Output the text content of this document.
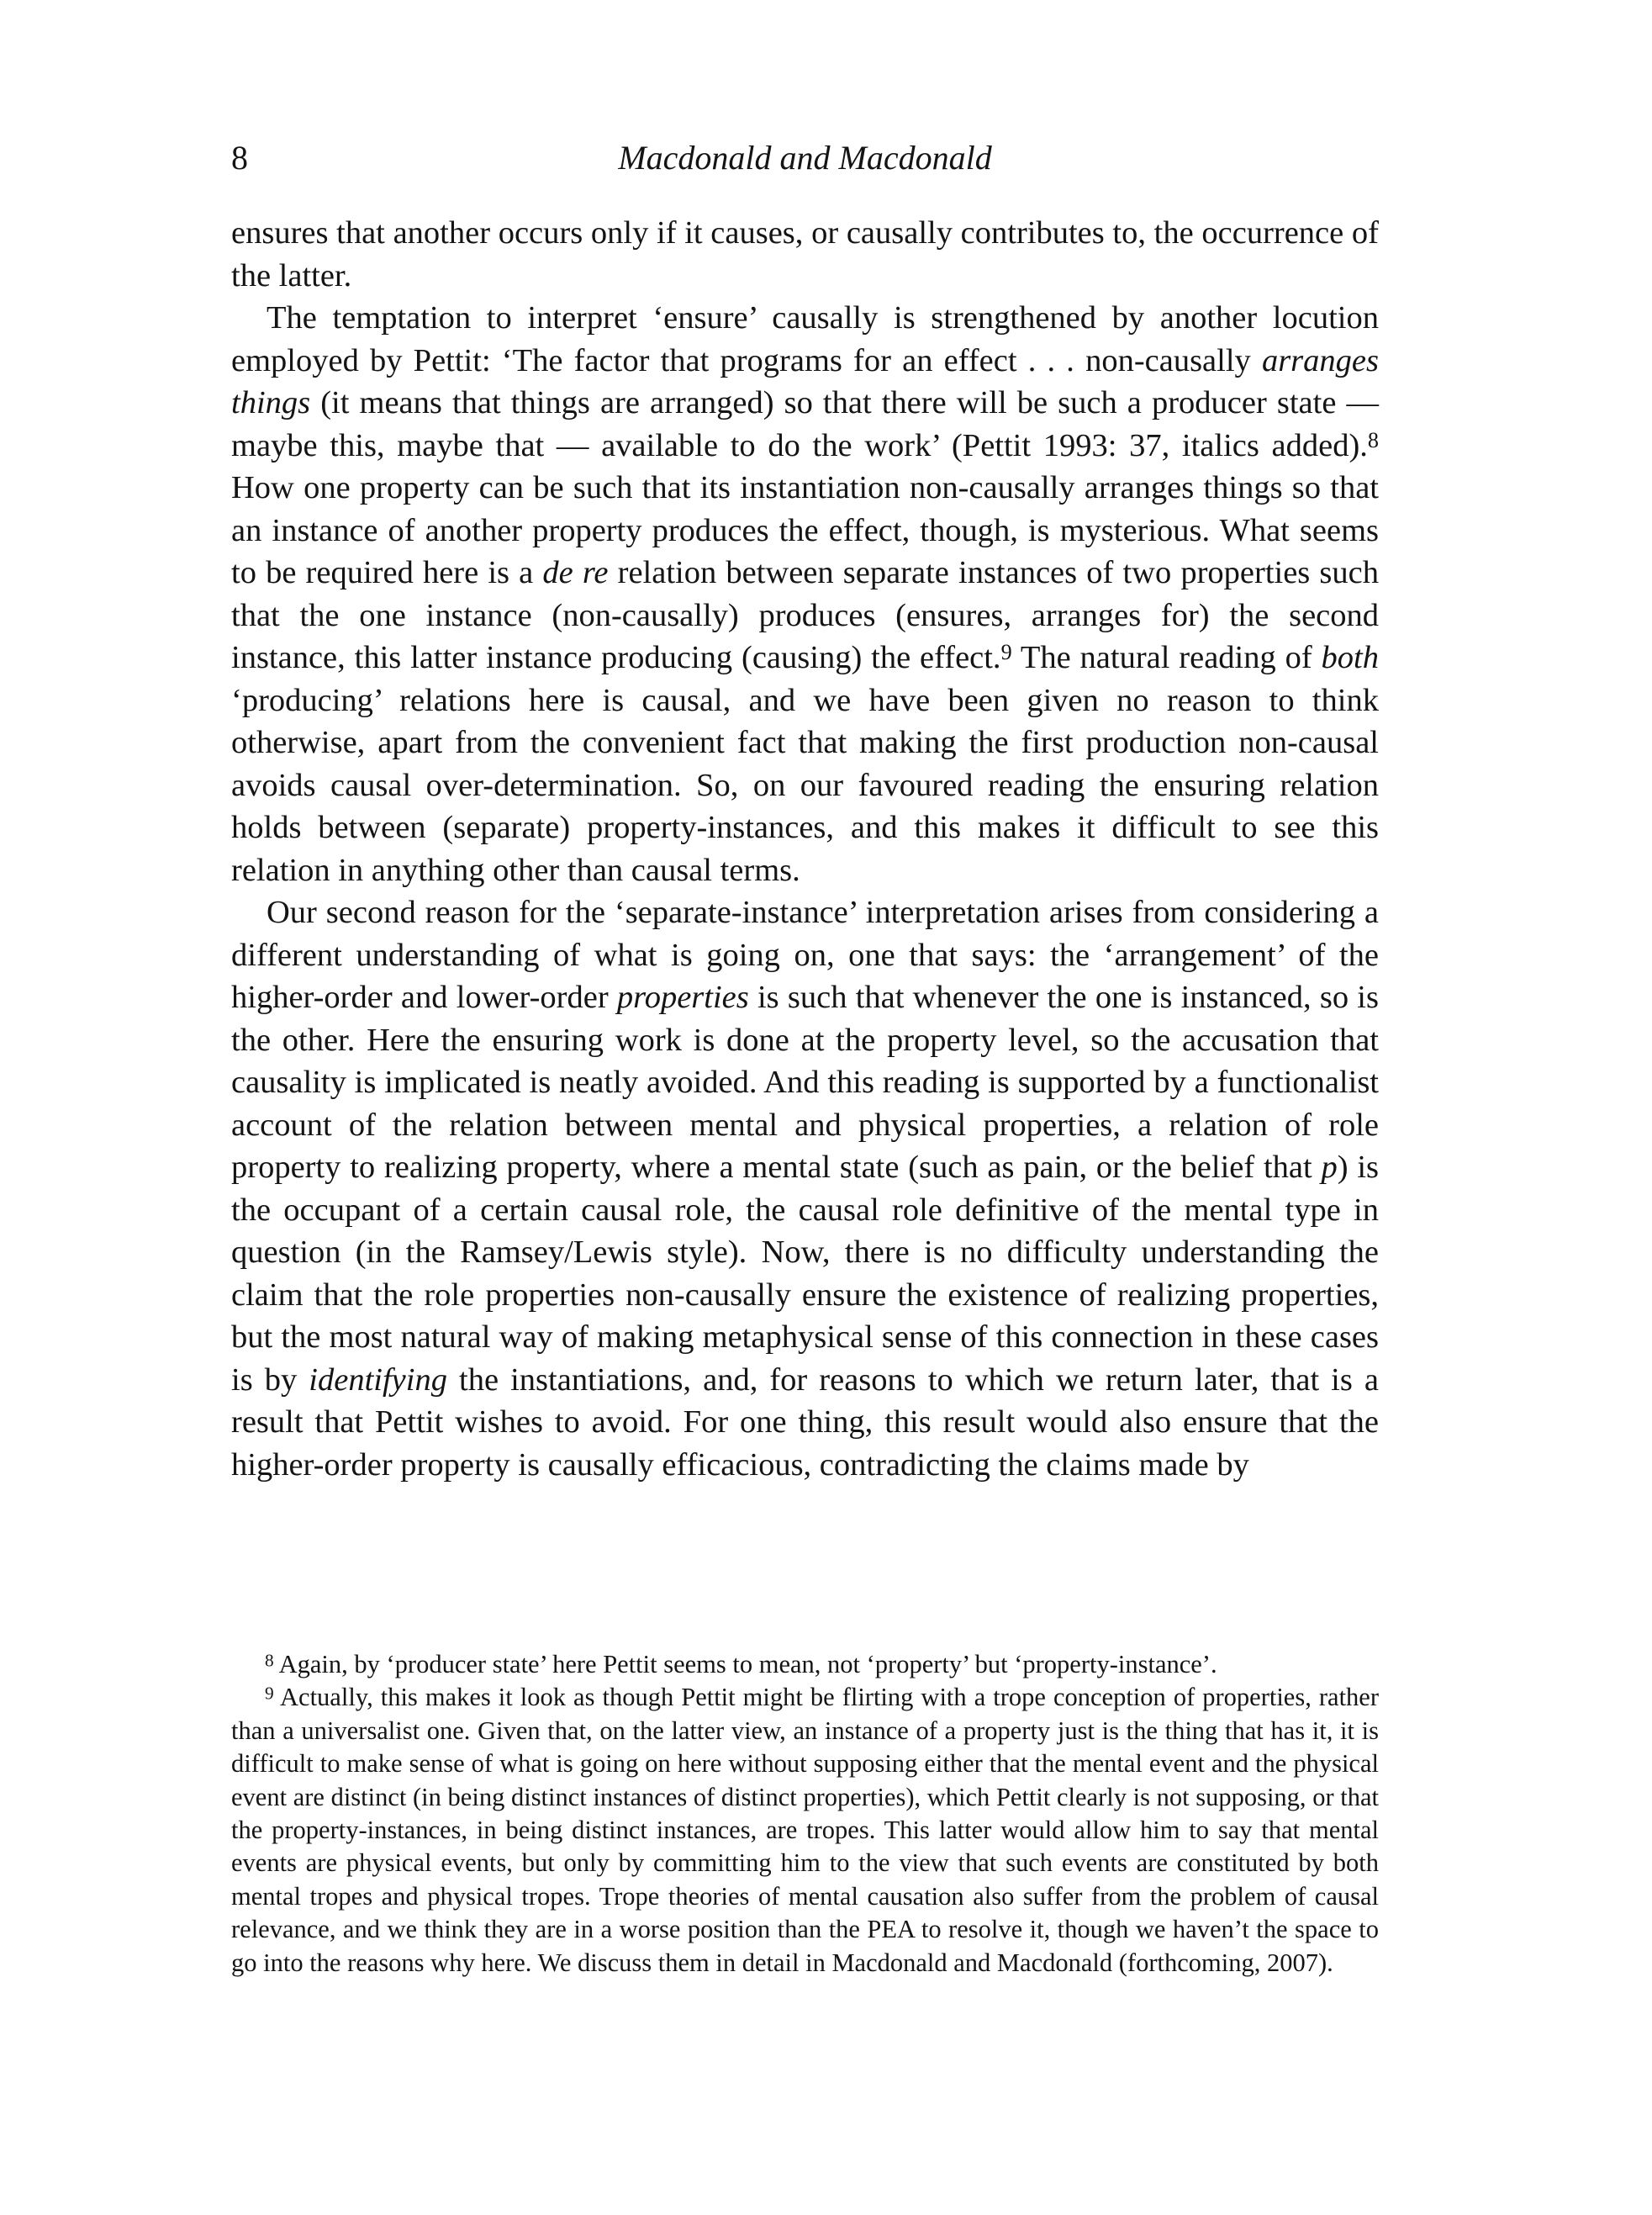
8	Macdonald and Macdonald

ensures that another occurs only if it causes, or causally contributes to, the occurrence of the latter.

The temptation to interpret ‘ensure’ causally is strengthened by another locution employed by Pettit: ‘The factor that programs for an effect . . . non-causally arranges things (it means that things are arranged) so that there will be such a producer state — maybe this, maybe that — available to do the work’ (Pettit 1993: 37, italics added).$^8$ How one property can be such that its instantiation non-causally arranges things so that an instance of another property produces the effect, though, is mysterious. What seems to be required here is a de re relation between separate instances of two properties such that the one instance (non-causally) produces (ensures, arranges for) the second instance, this latter instance producing (causing) the effect.$^9$ The natural reading of both ‘producing’ relations here is causal, and we have been given no reason to think otherwise, apart from the convenient fact that making the first production non-causal avoids causal over-determination. So, on our favoured reading the ensuring relation holds between (separate) property-instances, and this makes it difficult to see this relation in anything other than causal terms.

Our second reason for the ‘separate-instance’ interpretation arises from considering a different understanding of what is going on, one that says: the ‘arrangement’ of the higher-order and lower-order properties is such that whenever the one is instanced, so is the other. Here the ensuring work is done at the property level, so the accusation that causality is implicated is neatly avoided. And this reading is supported by a functionalist account of the relation between mental and physical properties, a relation of role property to realizing property, where a mental state (such as pain, or the belief that p) is the occupant of a certain causal role, the causal role definitive of the mental type in question (in the Ramsey/Lewis style). Now, there is no difficulty understanding the claim that the role properties non-causally ensure the existence of realizing properties, but the most natural way of making metaphysical sense of this connection in these cases is by identifying the instantiations, and, for reasons to which we return later, that is a result that Pettit wishes to avoid. For one thing, this result would also ensure that the higher-order property is causally efficacious, contradicting the claims made by

$^8$ Again, by ‘producer state’ here Pettit seems to mean, not ‘property’ but ‘property-instance’.

$^9$ Actually, this makes it look as though Pettit might be flirting with a trope conception of properties, rather than a universalist one. Given that, on the latter view, an instance of a property just is the thing that has it, it is difficult to make sense of what is going on here without supposing either that the mental event and the physical event are distinct (in being distinct instances of distinct properties), which Pettit clearly is not supposing, or that the property-instances, in being distinct instances, are tropes. This latter would allow him to say that mental events are physical events, but only by committing him to the view that such events are constituted by both mental tropes and physical tropes. Trope theories of mental causation also suffer from the problem of causal relevance, and we think they are in a worse position than the PEA to resolve it, though we haven’t the space to go into the reasons why here. We discuss them in detail in Macdonald and Macdonald (forthcoming, 2007).
